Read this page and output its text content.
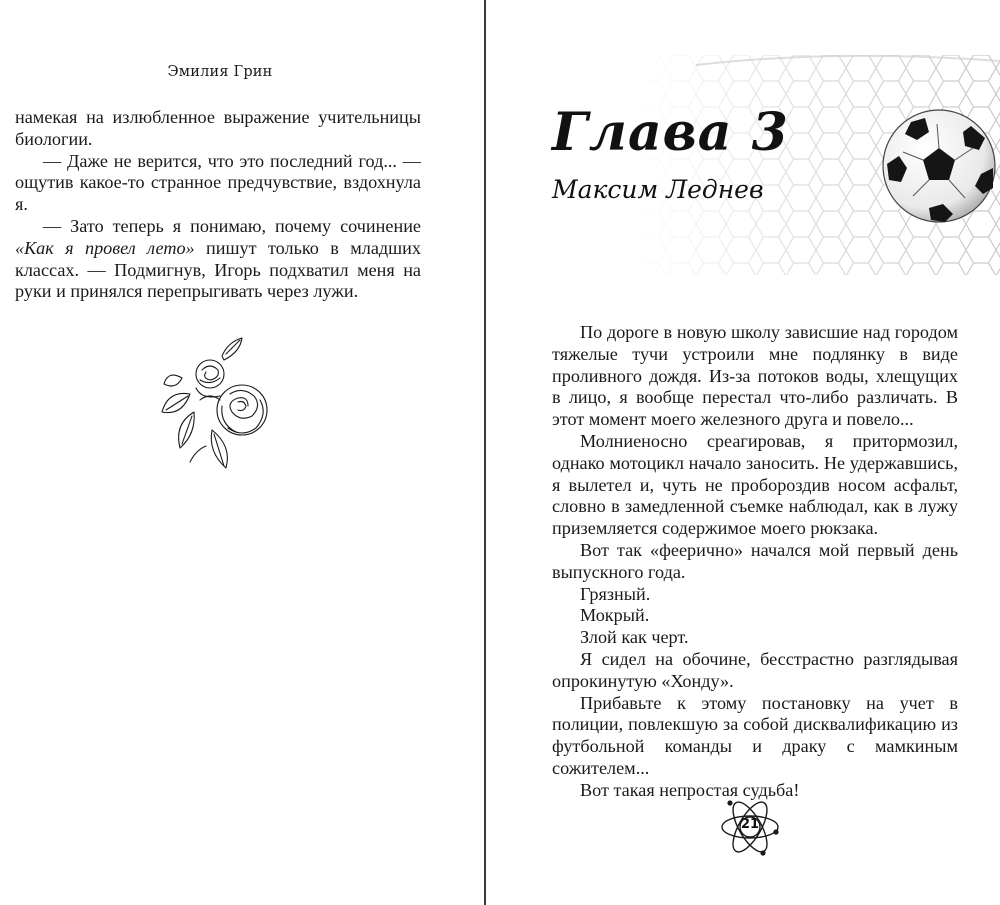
Эмилия Грин

намекая на излюбленное выражение учительницы биологии.

— Даже не верится, что это последний год... — ощутив какое-то странное предчувствие, вздохнула я.

— Зато теперь я понимаю, почему сочинение «Как я провел лето» пишут только в младших классах. — Подмигнув, Игорь подхватил меня на руки и принялся перепрыгивать через лужи.

Глава 3
Максим Леднев

По дороге в новую школу зависшие над городом тяжелые тучи устроили мне подлянку в виде проливного дождя. Из-за потоков воды, хлещущих в лицо, я вообще перестал что-либо различать. В этот момент моего железного друга и повело...

Молниеносно среагировав, я притормозил, однако мотоцикл начало заносить. Не удержавшись, я вылетел и, чуть не пробороздив носом асфальт, словно в замедленной съемке наблюдал, как в лужу приземляется содержимое моего рюкзака.

Вот так «феерично» начался мой первый день выпускного года.

Грязный.

Мокрый.

Злой как черт.

Я сидел на обочине, бесстрастно разглядывая опрокинутую «Хонду».

Прибавьте к этому постановку на учет в полиции, повлекшую за собой дисквалификацию из футбольной команды и драку с мамкиным сожителем...

Вот такая непростая судьба!

21
